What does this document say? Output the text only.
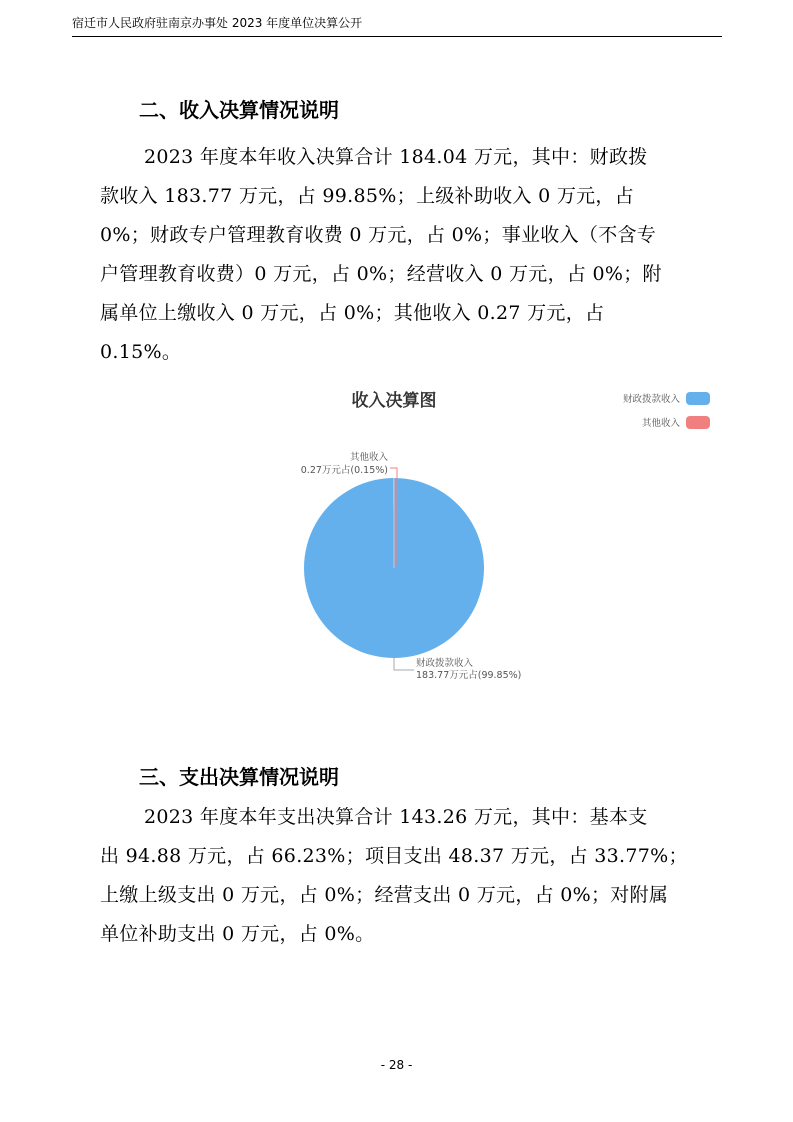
宿迁市人民政府驻南京办事处 2023 年度单位决算公开
二、收入决算情况说明
2023 年度本年收入决算合计 184.04 万元，其中：财政拨
款收入 183.77 万元，占 99.85%；上级补助收入 0 万元，占
0%；财政专户管理教育收费 0 万元，占 0%；事业收入（不含专
户管理教育收费）0 万元，占 0%；经营收入 0 万元，占 0%；附
属单位上缴收入 0 万元，占 0%；其他收入 0.27 万元，占
0.15%。
收入决算图	财政拨款收入
其他收入
其他收入
0.27万元占(0.15%)
财政拨款收入
183.77万元占(99.85%)
三、支出决算情况说明
2023 年度本年支出决算合计 143.26 万元，其中：基本支
出 94.88 万元，占 66.23%；项目支出 48.37 万元，占 33.77%；
上缴上级支出 0 万元，占 0%；经营支出 0 万元，占 0%；对附属
单位补助支出 0 万元，占 0%。
- 28 -
